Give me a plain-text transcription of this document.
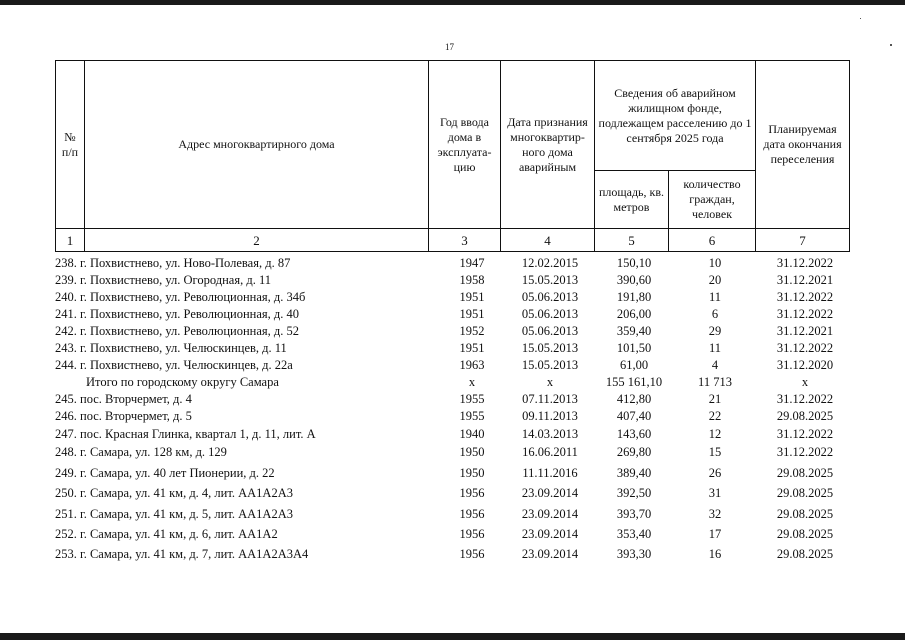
17
№ п/п	Адрес многоквартирного дома	Год ввода дома в эксплуата-цию	Дата признания многоквартир-ного дома аварийным	Сведения об аварийном жилищном фонде, подлежащем расселению до 1 сентября 2025 года		Планируемая дата окончания переселения
				площадь, кв. метров	количество граждан, человек	
1	2	3	4	5	6	7
238. г. Похвистнево, ул. Ново-Полевая, д. 87	1947	12.02.2015	150,10	10	31.12.2022
239. г. Похвистнево, ул. Огородная, д. 11	1958	15.05.2013	390,60	20	31.12.2021
240. г. Похвистнево, ул. Революционная, д. 34б	1951	05.06.2013	191,80	11	31.12.2022
241. г. Похвистнево, ул. Революционная, д. 40	1951	05.06.2013	206,00	6	31.12.2022
242. г. Похвистнево, ул. Революционная, д. 52	1952	05.06.2013	359,40	29	31.12.2021
243. г. Похвистнево, ул. Челюскинцев, д. 11	1951	15.05.2013	101,50	11	31.12.2022
244. г. Похвистнево, ул. Челюскинцев, д. 22а	1963	15.05.2013	61,00	4	31.12.2020
Итого по городскому округу Самара	x	x	155 161,10	11 713	x
245. пос. Вторчермет, д. 4	1955	07.11.2013	412,80	21	31.12.2022
246. пос. Вторчермет, д. 5	1955	09.11.2013	407,40	22	29.08.2025
247. пос. Красная Глинка, квартал 1, д. 11, лит. А	1940	14.03.2013	143,60	12	31.12.2022
248. г. Самара, ул. 128 км, д. 129	1950	16.06.2011	269,80	15	31.12.2022
249. г. Самара, ул. 40 лет Пионерии, д. 22	1950	11.11.2016	389,40	26	29.08.2025
250. г. Самара, ул. 41 км, д. 4, лит. АА1А2А3	1956	23.09.2014	392,50	31	29.08.2025
251. г. Самара, ул. 41 км, д. 5, лит. АА1А2А3	1956	23.09.2014	393,70	32	29.08.2025
252. г. Самара, ул. 41 км, д. 6, лит. АА1А2	1956	23.09.2014	353,40	17	29.08.2025
253. г. Самара, ул. 41 км, д. 7, лит. АА1А2А3А4	1956	23.09.2014	393,30	16	29.08.2025
